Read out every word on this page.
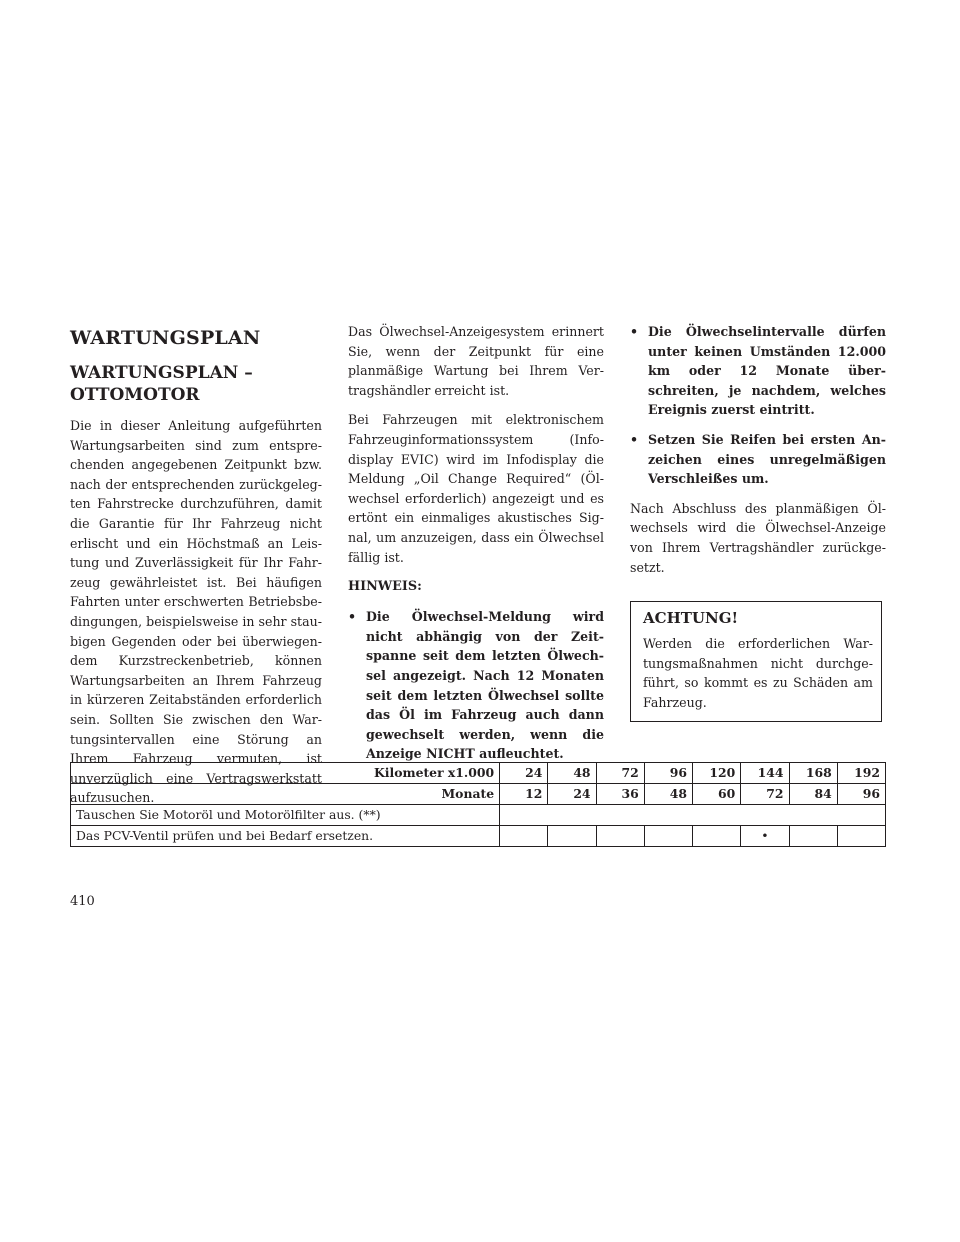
WARTUNGSPLAN
WARTUNGSPLAN –
OTTOMOTOR
Die in dieser Anleitung aufgeführten Wartungsarbeiten sind zum entsprechenden angegebenen Zeitpunkt bzw. nach der entsprechenden zurückgelegten Fahrstrecke durchzuführen, damit die Garantie für Ihr Fahrzeug nicht erlischt und ein Höchstmaß an Leistung und Zuverlässigkeit für Ihr Fahrzeug gewährleistet ist. Bei häufigen Fahrten unter erschwerten Betriebsbedingungen, beispielsweise in sehr staubigen Gegenden oder bei überwiegendem Kurzstreckenbetrieb, können Wartungsarbeiten an Ihrem Fahrzeug in kürzeren Zeitabständen erforderlich sein. Sollten Sie zwischen den Wartungsintervallen eine Störung an Ihrem Fahrzeug vermuten, ist unverzüglich eine Vertragswerkstatt aufzusuchen.
Das Ölwechsel-Anzeigesystem erinnert Sie, wenn der Zeitpunkt für eine planmäßige Wartung bei Ihrem Vertragshändler erreicht ist.
Bei Fahrzeugen mit elektronischem Fahrzeuginformationssystem (Infodisplay EVIC) wird im Infodisplay die Meldung „Oil Change Required“ (Ölwechsel erforderlich) angezeigt und es ertönt ein einmaliges akustisches Signal, um anzuzeigen, dass ein Ölwechsel fällig ist.
HINWEIS:
• Die Ölwechsel-Meldung wird nicht abhängig von der Zeitspanne seit dem letzten Ölwechsel angezeigt. Nach 12 Monaten seit dem letzten Ölwechsel sollte das Öl im Fahrzeug auch dann gewechselt werden, wenn die Anzeige NICHT aufleuchtet.
• Die Ölwechselintervalle dürfen unter keinen Umständen 12.000 km oder 12 Monate überschreiten, je nachdem, welches Ereignis zuerst eintritt.
• Setzen Sie Reifen bei ersten Anzeichen eines unregelmäßigen Verschleißes um.
Nach Abschluss des planmäßigen Ölwechsels wird die Ölwechsel-Anzeige von Ihrem Vertragshändler zurückgesetzt.
ACHTUNG!
Werden die erforderlichen Wartungsmaßnahmen nicht durchgeführt, so kommt es zu Schäden am Fahrzeug.
Kilometer x1.000	24	48	72	96	120	144	168	192
Monate	12	24	36	48	60	72	84	96
Tauschen Sie Motoröl und Motorölfilter aus. (**)								
Das PCV-Ventil prüfen und bei Bedarf ersetzen.						•		
410
